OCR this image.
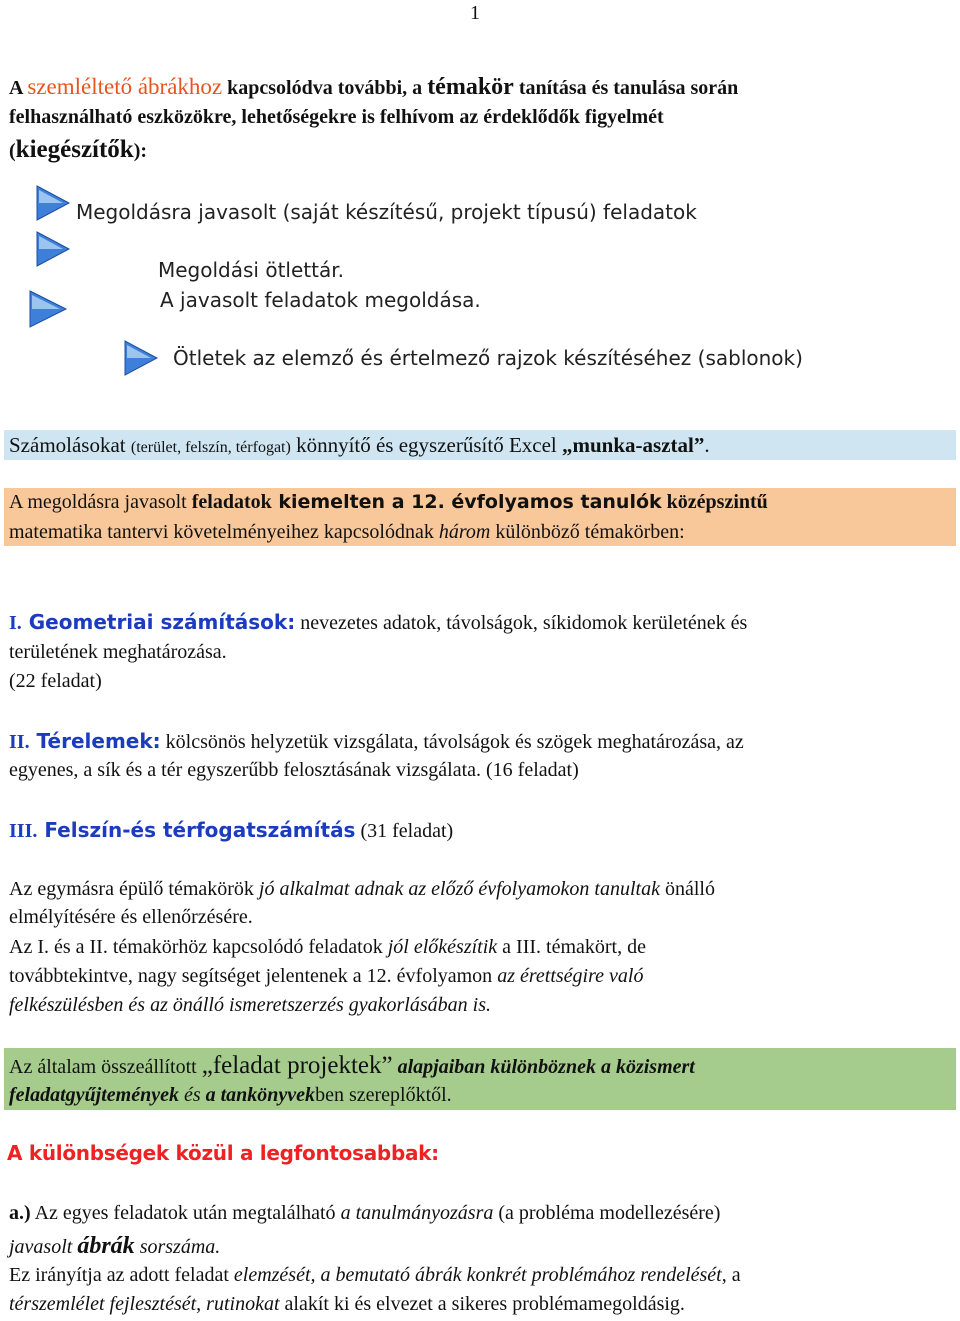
1
A szemléltető ábrákhoz kapcsolódva további, a témakör tanítása és tanulása során
felhasználható eszközökre, lehetőségekre is felhívom az érdeklődők figyelmét
(kiegészítők):
Megoldásra javasolt (saját készítésű, projekt típusú) feladatok
Megoldási ötlettár.
A javasolt feladatok megoldása.
Ötletek az elemző és értelmező rajzok készítéséhez (sablonok)
Számolásokat (terület, felszín, térfogat) könnyítő és egyszerűsítő Excel „munka-asztal”.
A megoldásra javasolt feladatok kiemelten a 12. évfolyamos tanulók középszintű
matematika tantervi követelményeihez kapcsolódnak három különböző témakörben:
I. Geometriai számítások: nevezetes adatok, távolságok, síkidomok kerületének és
területének meghatározása.
(22 feladat)
II. Térelemek: kölcsönös helyzetük vizsgálata, távolságok és szögek meghatározása, az
egyenes, a sík és a tér egyszerűbb felosztásának vizsgálata. (16 feladat)
III. Felszín-és térfogatszámítás (31 feladat)
Az egymásra épülő témakörök jó alkalmat adnak az előző évfolyamokon tanultak önálló
elmélyítésére és ellenőrzésére.
Az I. és a II. témakörhöz kapcsolódó feladatok jól előkészítik a III. témakört, de
továbbtekintve, nagy segítséget jelentenek a 12. évfolyamon az érettségire való
felkészülésben és az önálló ismeretszerzés gyakorlásában is.
Az általam összeállított „feladat projektek” alapjaiban különböznek a közismert
feladatgyűjtemények és a tankönyvekben szereplőktől.
A különbségek közül a legfontosabbak:
a.) Az egyes feladatok után megtalálható a tanulmányozásra (a probléma modellezésére)
javasolt ábrák sorszáma.
Ez irányítja az adott feladat elemzését, a bemutató ábrák konkrét problémához rendelését, a
térszemlélet fejlesztését, rutinokat alakít ki és elvezet a sikeres problémamegoldásig.
